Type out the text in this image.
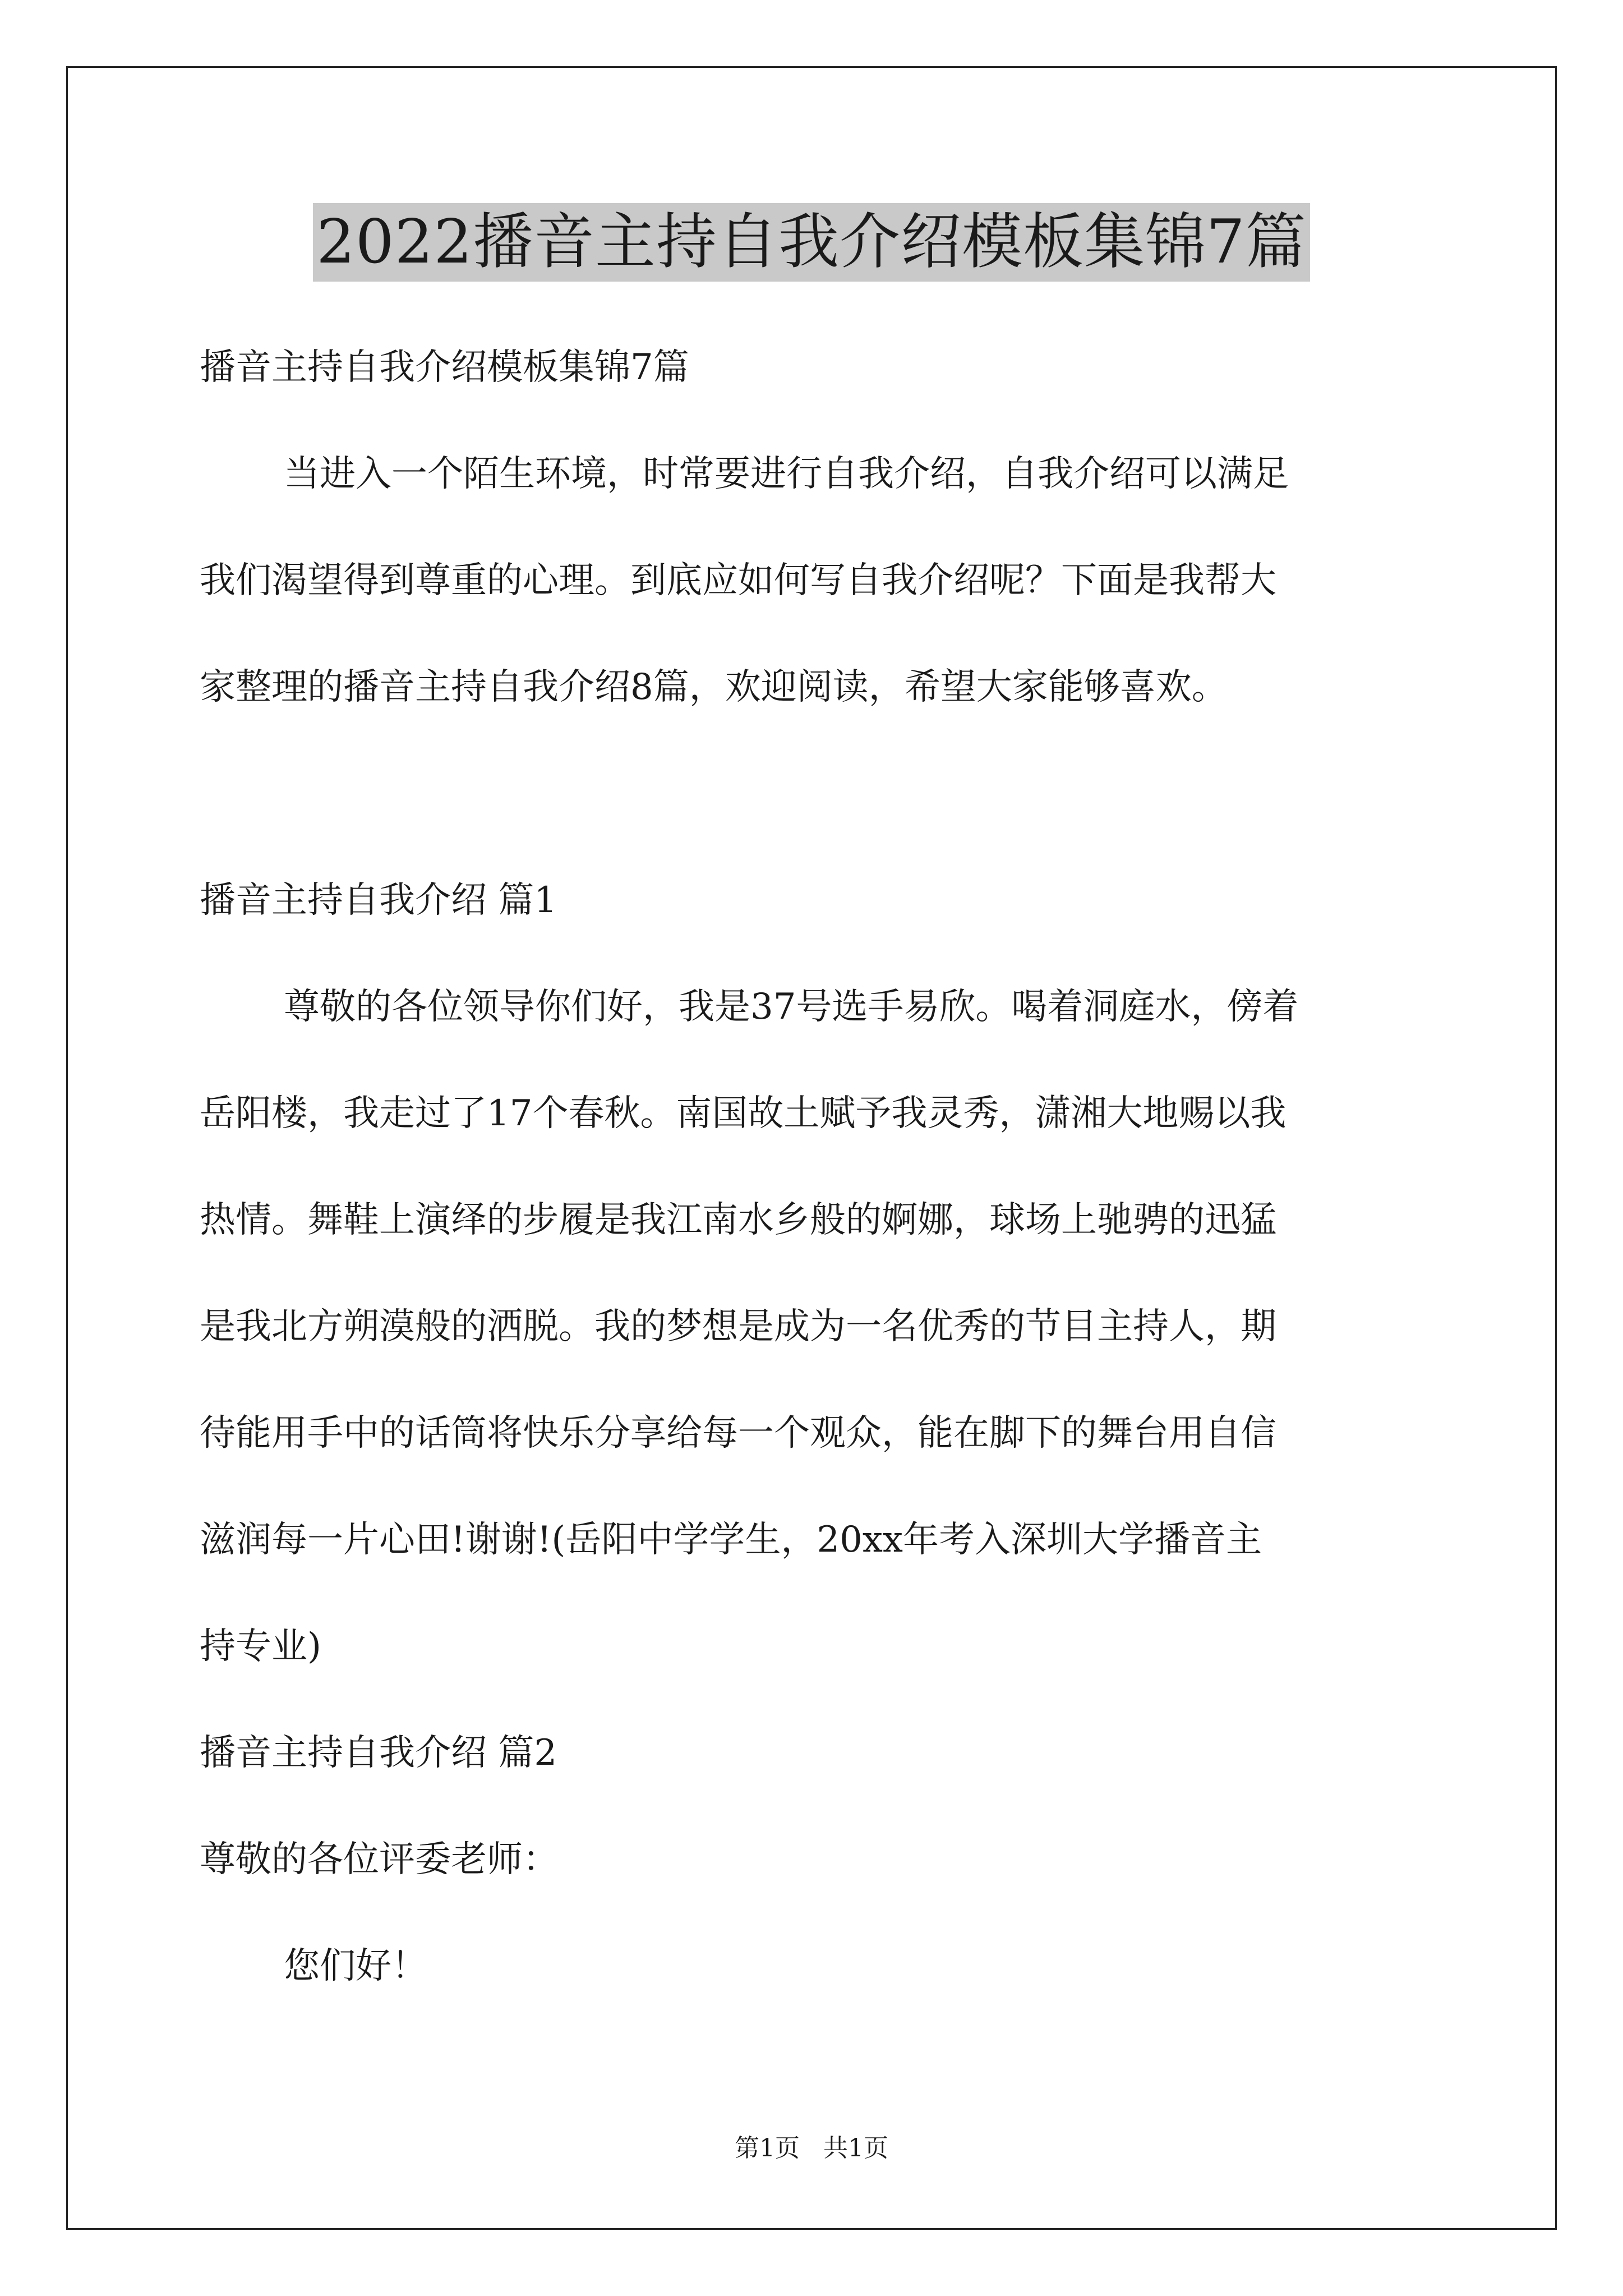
2022播音主持自我介绍模板集锦7篇

播音主持自我介绍模板集锦7篇

当进入一个陌生环境，时常要进行自我介绍，自我介绍可以满足

我们渴望得到尊重的心理。到底应如何写自我介绍呢？下面是我帮大

家整理的播音主持自我介绍8篇，欢迎阅读，希望大家能够喜欢。

播音主持自我介绍 篇1

尊敬的各位领导你们好，我是37号选手易欣。喝着洞庭水，傍着

岳阳楼，我走过了17个春秋。南国故土赋予我灵秀，潇湘大地赐以我

热情。舞鞋上演绎的步履是我江南水乡般的婀娜，球场上驰骋的迅猛

是我北方朔漠般的洒脱。我的梦想是成为一名优秀的节目主持人，期

待能用手中的话筒将快乐分享给每一个观众，能在脚下的舞台用自信

滋润每一片心田!谢谢!(岳阳中学学生，20xx年考入深圳大学播音主

持专业)

播音主持自我介绍 篇2

尊敬的各位评委老师：

您们好！

第1页 共1页
